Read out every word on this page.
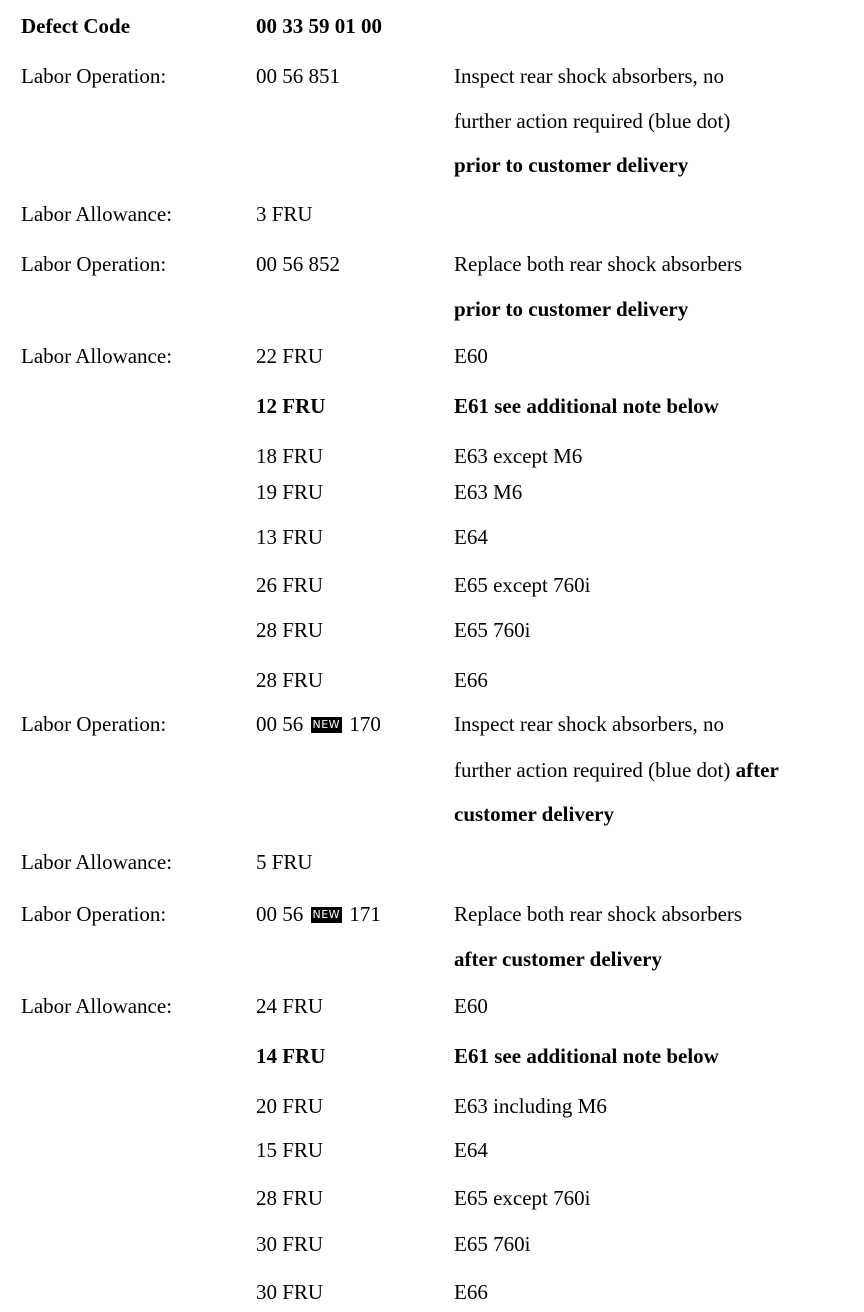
Defect Code	00 33 59 01 00
Labor Operation:	00 56 851	Inspect rear shock absorbers, no
further action required (blue dot)
prior to customer delivery
Labor Allowance:	3 FRU
Labor Operation:	00 56 852	Replace both rear shock absorbers
prior to customer delivery
Labor Allowance:	22 FRU	E60
12 FRU	E61 see additional note below
18 FRU	E63 except M6
19 FRU	E63 M6
13 FRU	E64
26 FRU	E65 except 760i
28 FRU	E65 760i
28 FRU	E66
Labor Operation:	00 56 NEW 170	Inspect rear shock absorbers, no
further action required (blue dot) after
customer delivery
Labor Allowance:	5 FRU
Labor Operation:	00 56 NEW 171	Replace both rear shock absorbers
after customer delivery
Labor Allowance:	24 FRU	E60
14 FRU	E61 see additional note below
20 FRU	E63 including M6
15 FRU	E64
28 FRU	E65 except 760i
30 FRU	E65 760i
30 FRU	E66
